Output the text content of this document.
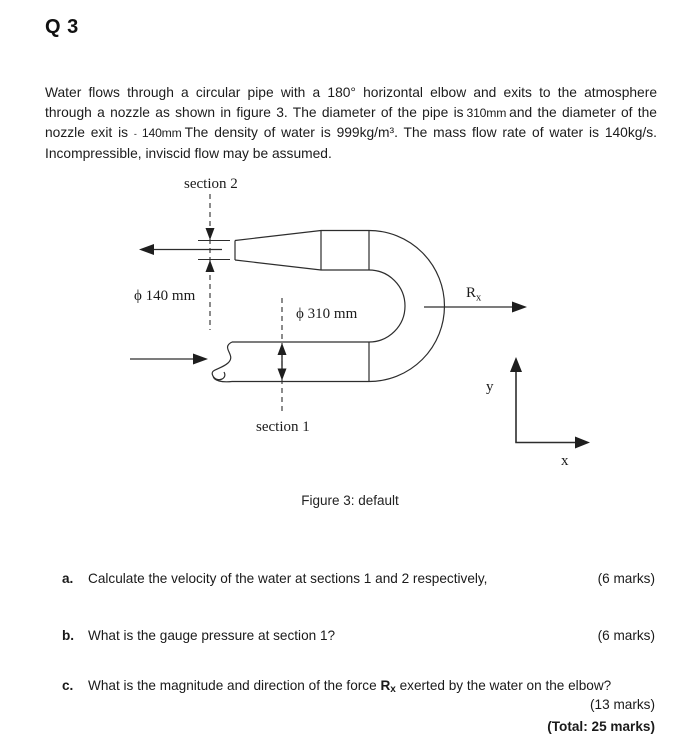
Q 3

Water flows through a circular pipe with a 180° horizontal elbow and exits to the atmosphere through a nozzle as shown in figure 3. The diameter of the pipe is 310mm and the diameter of the nozzle exit is - 140mm The density of water is 999kg/m³. The mass flow rate of water is 140kg/s. Incompressible, inviscid flow may be assumed.

section 2
ϕ 140 mm
ϕ 310 mm
section 1
$R_x$
y
x
Figure 3: default
a.	Calculate the velocity of the water at sections 1 and 2 respectively,	(6 marks)
b.	What is the gauge pressure at section 1?	(6 marks)
c.	What is the magnitude and direction of the force Rx exerted by the water on the elbow?
(13 marks)
(Total: 25 marks)
